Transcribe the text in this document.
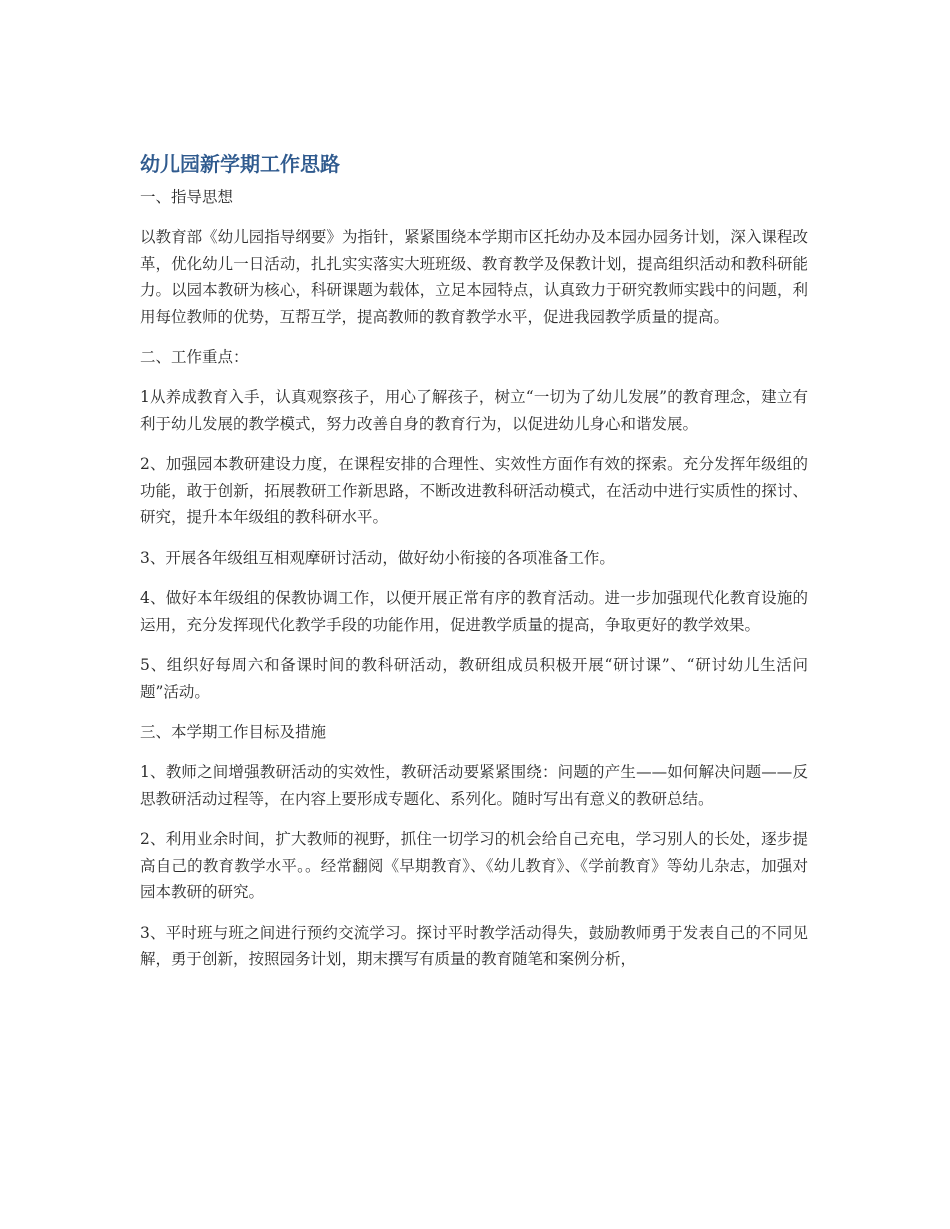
幼儿园新学期工作思路

一、指导思想

以教育部《幼儿园指导纲要》为指针，紧紧围绕本学期市区托幼办及本园办园务计划，深入课程改革，优化幼儿一日活动，扎扎实实落实大班班级、教育教学及保教计划，提高组织活动和教科研能力。以园本教研为核心，科研课题为载体，立足本园特点，认真致力于研究教师实践中的问题，利用每位教师的优势，互帮互学，提高教师的教育教学水平，促进我园教学质量的提高。

二、工作重点：

1从养成教育入手，认真观察孩子，用心了解孩子，树立“一切为了幼儿发展”的教育理念，建立有利于幼儿发展的教学模式，努力改善自身的教育行为，以促进幼儿身心和谐发展。

2、加强园本教研建设力度，在课程安排的合理性、实效性方面作有效的探索。充分发挥年级组的功能，敢于创新，拓展教研工作新思路，不断改进教科研活动模式，在活动中进行实质性的探讨、研究，提升本年级组的教科研水平。

3、开展各年级组互相观摩研讨活动，做好幼小衔接的各项准备工作。

4、做好本年级组的保教协调工作，以便开展正常有序的教育活动。进一步加强现代化教育设施的运用，充分发挥现代化教学手段的功能作用，促进教学质量的提高，争取更好的教学效果。

5、组织好每周六和备课时间的教科研活动，教研组成员积极开展“研讨课”、“研讨幼儿生活问题”活动。

三、本学期工作目标及措施

1、教师之间增强教研活动的实效性，教研活动要紧紧围绕：问题的产生——如何解决问题——反思教研活动过程等，在内容上要形成专题化、系列化。随时写出有意义的教研总结。

2、利用业余时间，扩大教师的视野，抓住一切学习的机会给自己充电，学习别人的长处，逐步提高自己的教育教学水平。。经常翻阅《早期教育》、《幼儿教育》、《学前教育》等幼儿杂志，加强对园本教研的研究。

3、平时班与班之间进行预约交流学习。探讨平时教学活动得失，鼓励教师勇于发表自己的不同见解，勇于创新，按照园务计划，期末撰写有质量的教育随笔和案例分析，
